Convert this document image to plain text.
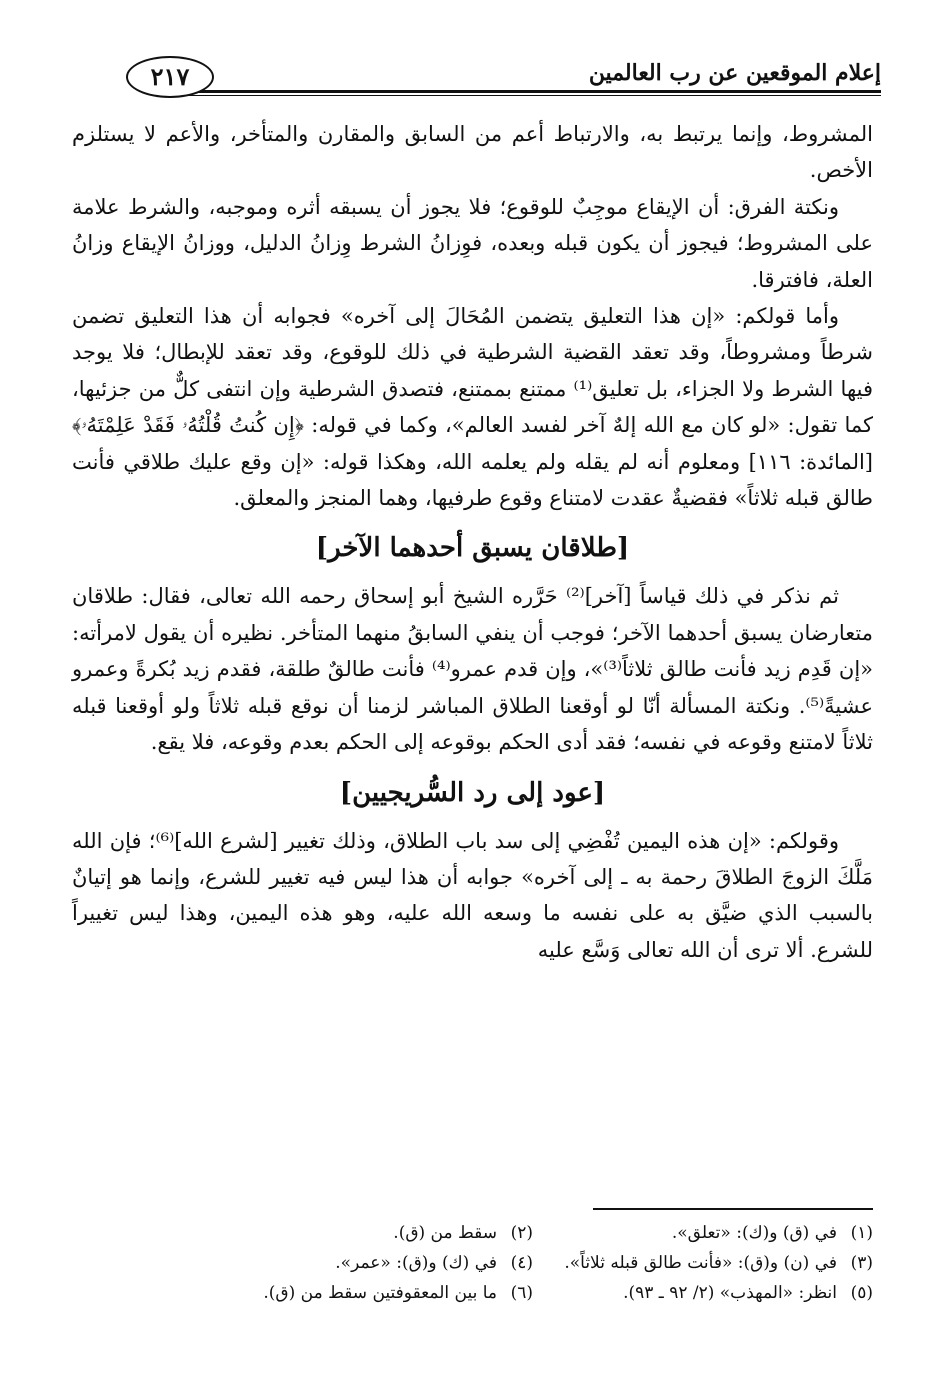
إعلام الموقعين عن رب العالمين
٢١٧

المشروط، وإنما يرتبط به، والارتباط أعم من السابق والمقارن والمتأخر، والأعم لا يستلزم الأخص.

ونكتة الفرق: أن الإيقاع موجِبٌ للوقوع؛ فلا يجوز أن يسبقه أثره وموجبه، والشرط علامة على المشروط؛ فيجوز أن يكون قبله وبعده، فوِزانُ الشرط وِزانُ الدليل، ووزانُ الإيقاع وزانُ العلة، فافترقا.

وأما قولكم: «إن هذا التعليق يتضمن المُحَالَ إلى آخره» فجوابه أن هذا التعليق تضمن شرطاً ومشروطاً، وقد تعقد القضية الشرطية في ذلك للوقوع، وقد تعقد للإبطال؛ فلا يوجد فيها الشرط ولا الجزاء، بل تعليق⁽¹⁾ ممتنع بممتنع، فتصدق الشرطية وإن انتفى كلٌّ من جزئيها، كما تقول: «لو كان مع الله إلهٌ آخر لفسد العالم»، وكما في قوله: ﴿إِن كُنتُ قُلْتُهُۥ فَقَدْ عَلِمْتَهُۥ﴾ [المائدة: ١١٦] ومعلوم أنه لم يقله ولم يعلمه الله، وهكذا قوله: «إن وقع عليك طلاقي فأنت طالق قبله ثلاثاً» فقضيةٌ عقدت لامتناع وقوع طرفيها، وهما المنجز والمعلق.

[طلاقان يسبق أحدهما الآخر]

ثم نذكر في ذلك قياساً [آخر]⁽²⁾ حَرَّره الشيخ أبو إسحاق رحمه الله تعالى، فقال: طلاقان متعارضان يسبق أحدهما الآخر؛ فوجب أن ينفي السابقُ منهما المتأخر. نظيره أن يقول لامرأته: «إن قَدِم زيد فأنت طالق ثلاثاً⁽³⁾»، وإن قدم عمرو⁽⁴⁾ فأنت طالقٌ طلقة، فقدم زيد بُكرةً وعمرو عشيةً⁽⁵⁾. ونكتة المسألة أنّا لو أوقعنا الطلاق المباشر لزمنا أن نوقع قبله ثلاثاً ولو أوقعنا قبله ثلاثاً لامتنع وقوعه في نفسه؛ فقد أدى الحكم بوقوعه إلى الحكم بعدم وقوعه، فلا يقع.

[عود إلى رد السُّريجيين]

وقولكم: «إن هذه اليمين تُفْضِي إلى سد باب الطلاق، وذلك تغيير [لشرع الله]⁽⁶⁾؛ فإن الله مَلَّكَ الزوجَ الطلاقَ رحمة به ـ إلى آخره» جوابه أن هذا ليس فيه تغيير للشرع، وإنما هو إتيانٌ بالسبب الذي ضيَّق به على نفسه ما وسعه الله عليه، وهو هذه اليمين، وهذا ليس تغييراً للشرع. ألا ترى أن الله تعالى وَسَّع عليه

(١)في (ق) و(ك): «تعلق».
(٢)سقط من (ق).
(٣)في (ن) و(ق): «فأنت طالق قبله ثلاثاً».
(٤)في (ك) و(ق): «عمر».
(٥)انظر: «المهذب» (٢/ ٩٢ ـ ٩٣).
(٦)ما بين المعقوفتين سقط من (ق).
